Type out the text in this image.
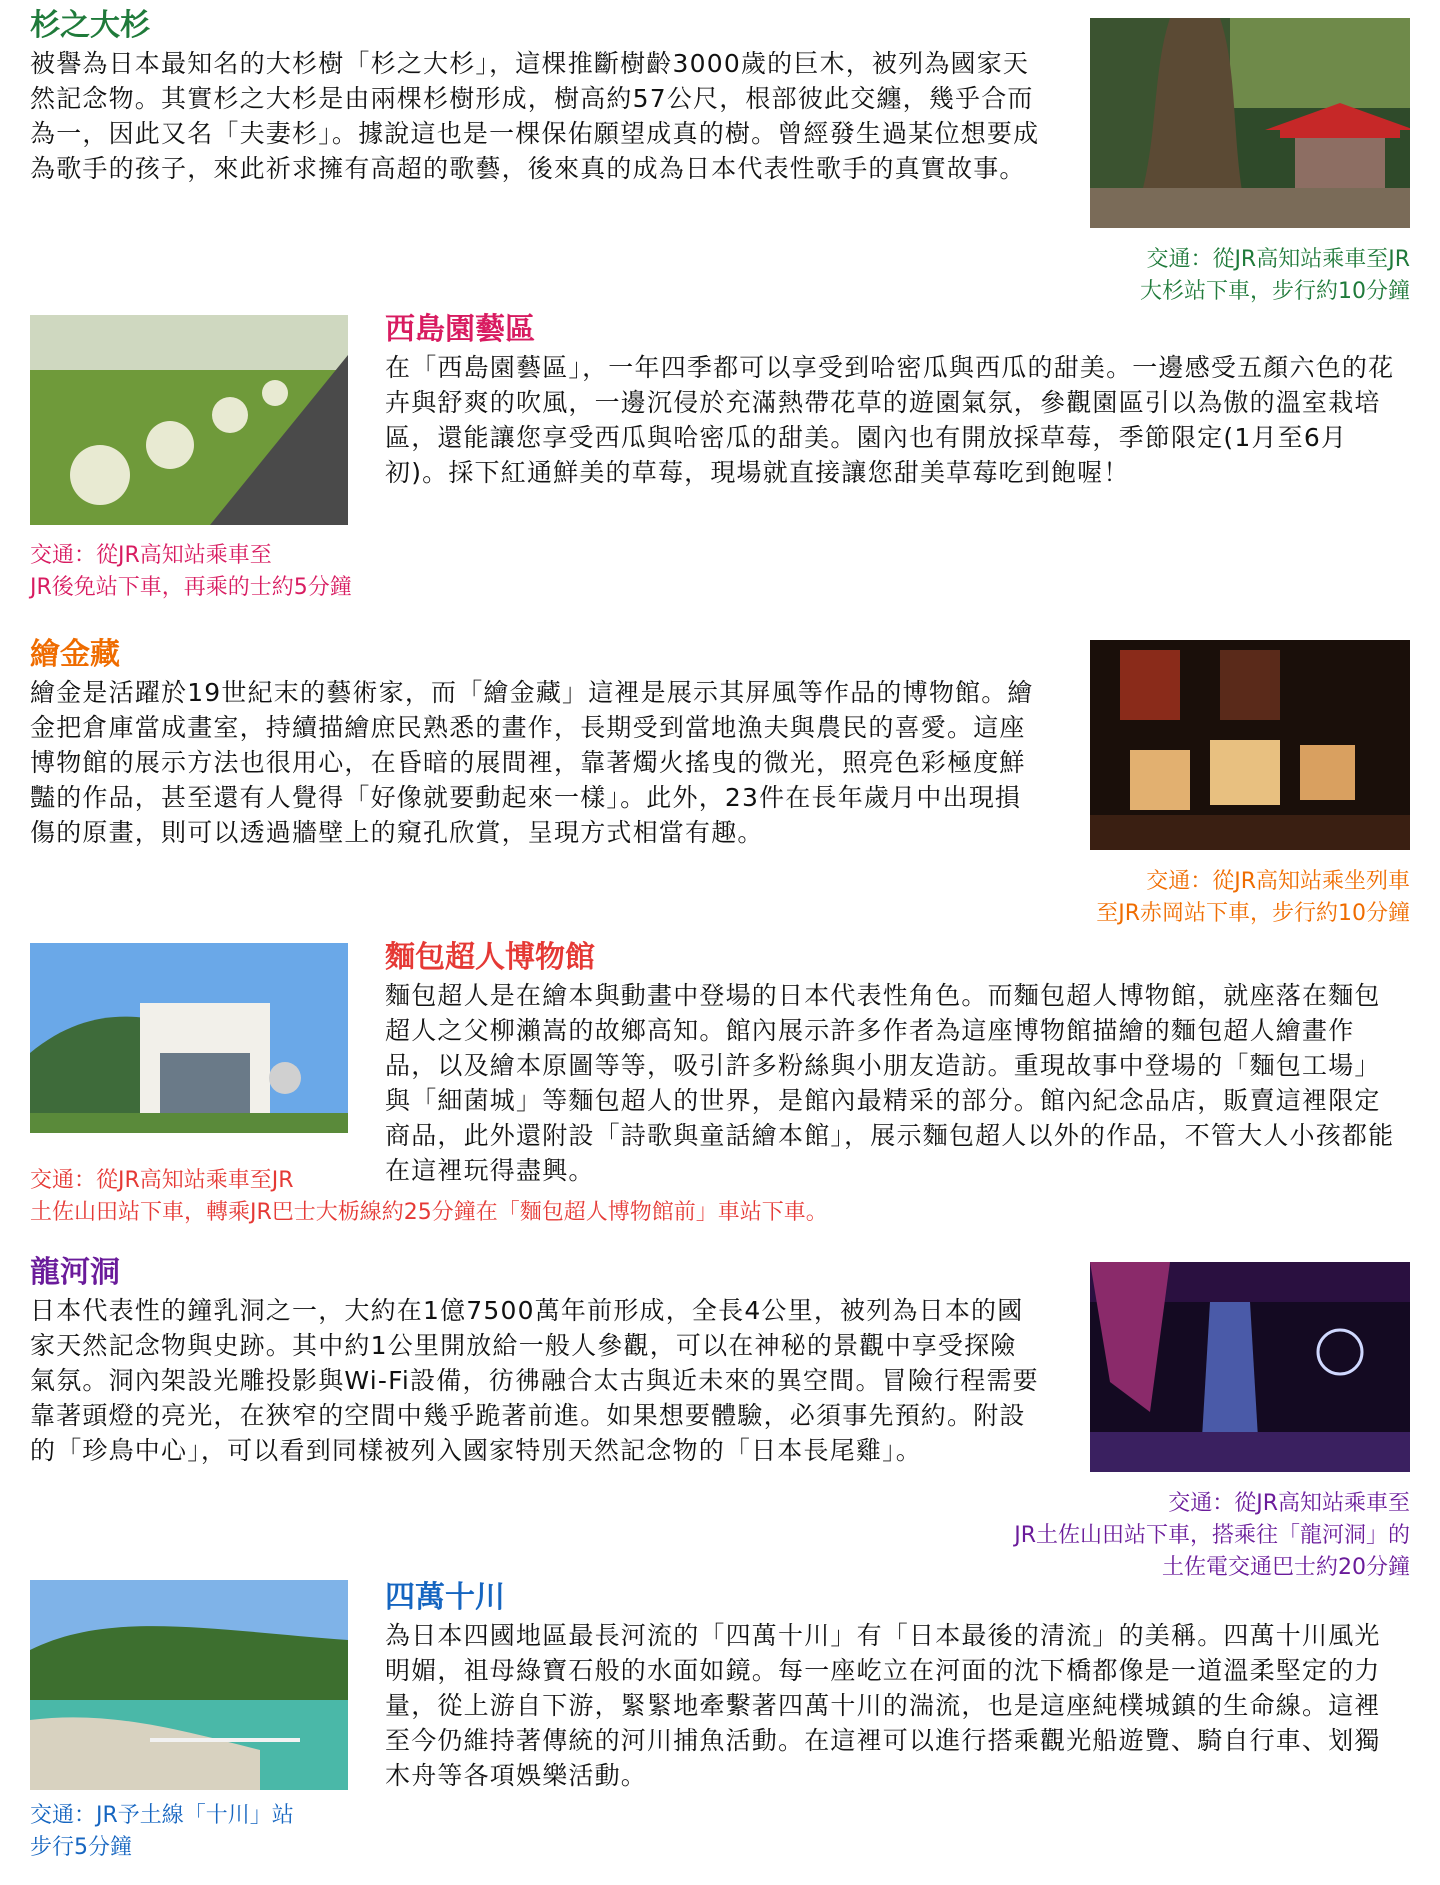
杉之大杉

被譽為日本最知名的大杉樹「杉之大杉」，這棵推斷樹齡3000歲的巨木，被列為國家天然記念物。其實杉之大杉是由兩棵杉樹形成，樹高約57公尺，根部彼此交纏，幾乎合而為一，因此又名「夫妻杉」。據說這也是一棵保佑願望成真的樹。曾經發生過某位想要成為歌手的孩子，來此祈求擁有高超的歌藝，後來真的成為日本代表性歌手的真實故事。

交通：從JR高知站乘車至JR
大杉站下車，步行約10分鐘

西島園藝區

在「西島園藝區」，一年四季都可以享受到哈密瓜與西瓜的甜美。一邊感受五顏六色的花卉與舒爽的吹風，一邊沉侵於充滿熱帶花草的遊園氣氛，參觀園區引以為傲的溫室栽培區，還能讓您享受西瓜與哈密瓜的甜美。園內也有開放採草莓，季節限定(1月至6月初)。採下紅通鮮美的草莓，現場就直接讓您甜美草莓吃到飽喔！

交通：從JR高知站乘車至
JR後免站下車，再乘的士約5分鐘

繪金藏

繪金是活躍於19世紀末的藝術家，而「繪金藏」這裡是展示其屏風等作品的博物館。繪金把倉庫當成畫室，持續描繪庶民熟悉的畫作，長期受到當地漁夫與農民的喜愛。這座博物館的展示方法也很用心，在昏暗的展間裡，靠著燭火搖曳的微光，照亮色彩極度鮮豔的作品，甚至還有人覺得「好像就要動起來一樣」。此外，23件在長年歲月中出現損傷的原畫，則可以透過牆壁上的窺孔欣賞，呈現方式相當有趣。

交通：從JR高知站乘坐列車
至JR赤岡站下車，步行約10分鐘

麵包超人博物館

麵包超人是在繪本與動畫中登場的日本代表性角色。而麵包超人博物館，就座落在麵包超人之父柳瀨嵩的故鄉高知。館內展示許多作者為這座博物館描繪的麵包超人繪畫作品，以及繪本原圖等等，吸引許多粉絲與小朋友造訪。重現故事中登場的「麵包工場」與「細菌城」等麵包超人的世界，是館內最精采的部分。館內紀念品店，販賣這裡限定商品，此外還附設「詩歌與童話繪本館」，展示麵包超人以外的作品，不管大人小孩都能在這裡玩得盡興。

交通：從JR高知站乘車至JR
土佐山田站下車，轉乘JR巴士大栃線約25分鐘在「麵包超人博物館前」車站下車。

龍河洞

日本代表性的鐘乳洞之一，大約在1億7500萬年前形成，全長4公里，被列為日本的國家天然記念物與史跡。其中約1公里開放給一般人參觀，可以在神秘的景觀中享受探險氣氛。洞內架設光雕投影與Wi-Fi設備，彷彿融合太古與近未來的異空間。冒險行程需要靠著頭燈的亮光，在狹窄的空間中幾乎跪著前進。如果想要體驗，必須事先預約。附設的「珍鳥中心」，可以看到同樣被列入國家特別天然記念物的「日本長尾雞」。

交通：從JR高知站乘車至
JR土佐山田站下車，搭乘往「龍河洞」的
土佐電交通巴士約20分鐘

四萬十川

為日本四國地區最長河流的「四萬十川」有「日本最後的清流」的美稱。四萬十川風光明媚，祖母綠寶石般的水面如鏡。每一座屹立在河面的沈下橋都像是一道溫柔堅定的力量，從上游自下游，緊緊地牽繫著四萬十川的湍流，也是這座純樸城鎮的生命線。這裡至今仍維持著傳統的河川捕魚活動。在這裡可以進行搭乘觀光船遊覽、騎自行車、划獨木舟等各項娛樂活動。

交通：JR予土線「十川」站
步行5分鐘
